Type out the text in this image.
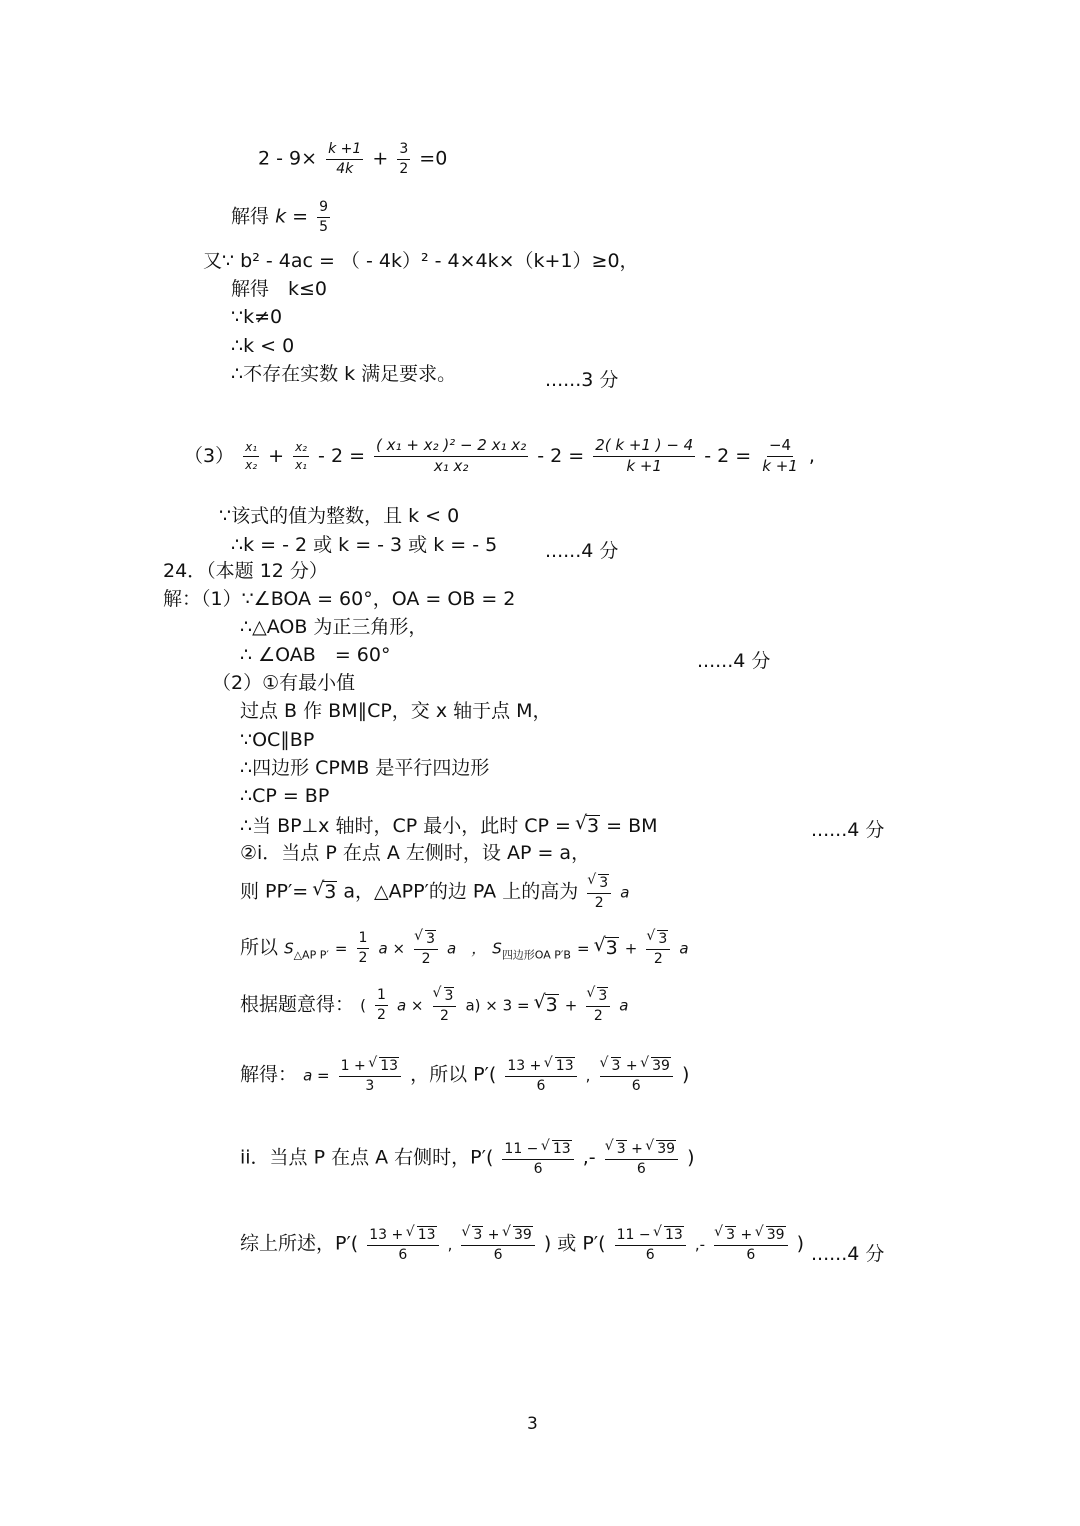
$2 - 9\times \frac{k +1}{4k} + \frac{3}{2} =0$
解得 $k = \frac{9}{5}$
又∵ b² - 4ac = （ - 4k）² - 4×4k×（k+1）≥0，
解得　k≤0
∵k≠0
∴k < 0
∴不存在实数 k 满足要求。	......3 分
$(3) \frac{\text{x₁}}{\text{x₂}} + \frac{\text{x₂}}{\text{x₁}} - 2 = \frac{\text{( x₁ + x₂ )² − 2 x₁ x₂}}{\text{x₁ x₂}} - 2 = \frac{2( k +1 ) - 4}{k +1} - 2 = \frac{-4}{k +1}$ ,
∵该式的值为整数，且 k < 0
∴k = - 2 或 k = - 3 或 k = - 5	......4 分
24．（本题 12 分）
解：（1）∵∠BOA = 60°，OA = OB = 2
∴△AOB 为正三角形，
∴ ∠OAB　= 60°	......4 分
（2）①有最小值
过点 B 作 BM∥CP，交 x 轴于点 M，
∵OC∥BP
∴四边形 CPMB 是平行四边形
∴CP = BP
∴当 BP⊥x 轴时，CP 最小，此时 CP = √ 3 = BM	......4 分
②i．当点 P 在点 A 左侧时，设 AP = a，
则 PP′= √ 3 a，△APP′的边 PA 上的高为 √ $\frac{3}{2}$ a
所以 $S_{\triangle AP P'} = \frac{1}{2}$ a × √ $\frac{3}{2}$ a　， $S_{四边形OA P'B}$ = √ 3 + √ $\frac{3}{2}$ a
根据题意得： ( $\frac{1}{2}$ a × √ $\frac{3}{2} a) \times 3$ = √ 3 + √ $\frac{3}{2}$ a
解得： $a = \frac{1 + √ 13}{3}$ ，所以 $P'( \frac{13 + √ 13}{6}$ , √ $\frac{3 + √ 39}{6}$ )
ii．当点 P 在点 A 右侧时，$P'( \frac{11 - √ 13}{6}$ ,- √ $\frac{3 + √ 39}{6}$ )
综上所述，$P'( \frac{13 + √ 13}{6}$ , √ $\frac{3 + √ 39}{6}$ ) 或 $P'( \frac{11 - √ 13}{6}$ ,- √ $\frac{3 + √ 39}{6}$ ) ......4 分
3
